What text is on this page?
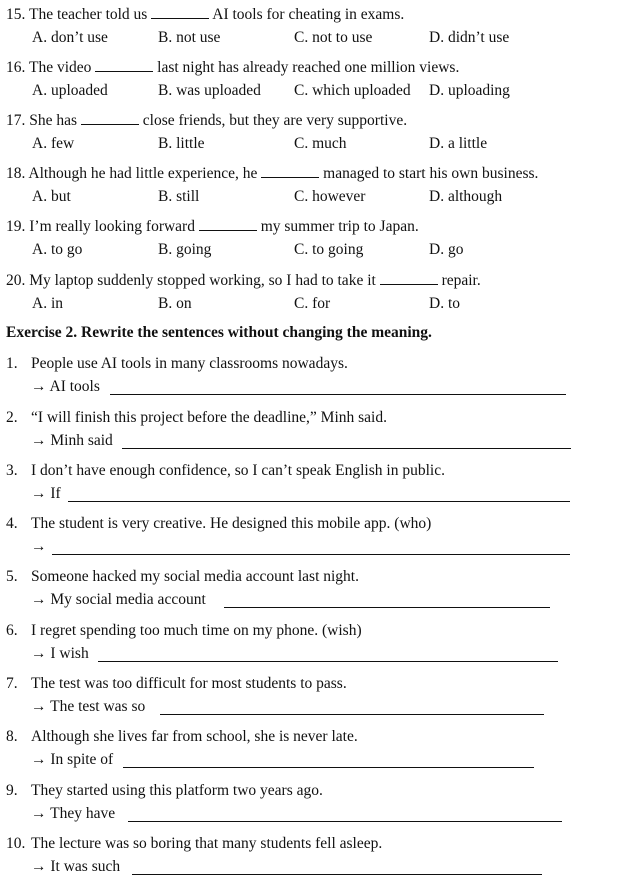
15. The teacher told us	AI tools for cheating in exams.
A. don’t use	B. not use	C. not to use	D. didn’t use
16. The video	last night has already reached one million views.
A. uploaded	B. was uploaded C. which uploaded D. uploading
17. She has	close friends, but they are very supportive.
A. few	B. little	C. much	D. a little
18. Although he had little experience, he	managed to start his own business.
A. but	B. still	C. however	D. although
19. I’m really looking forward	my summer trip to Japan.
A. to go	B. going	C. to going	D. go
20. My laptop suddenly stopped working, so I had to take it	repair.
A. in	B. on	C. for	D. to
Exercise 2. Rewrite the sentences without changing the meaning.
1. People use AI tools in many classrooms nowadays.
→ AI tools
2. “I will finish this project before the deadline,” Minh said.
→ Minh said
3. I don’t have enough confidence, so I can’t speak English in public.
→ If
4. The student is very creative. He designed this mobile app. (who)
→
5. Someone hacked my social media account last night.
→ My social media account
6. I regret spending too much time on my phone. (wish)
→ I wish
7. The test was too difficult for most students to pass.
→ The test was so
8. Although she lives far from school, she is never late.
→ In spite of
9. They started using this platform two years ago.
→ They have
10. The lecture was so boring that many students fell asleep.
→ It was such
